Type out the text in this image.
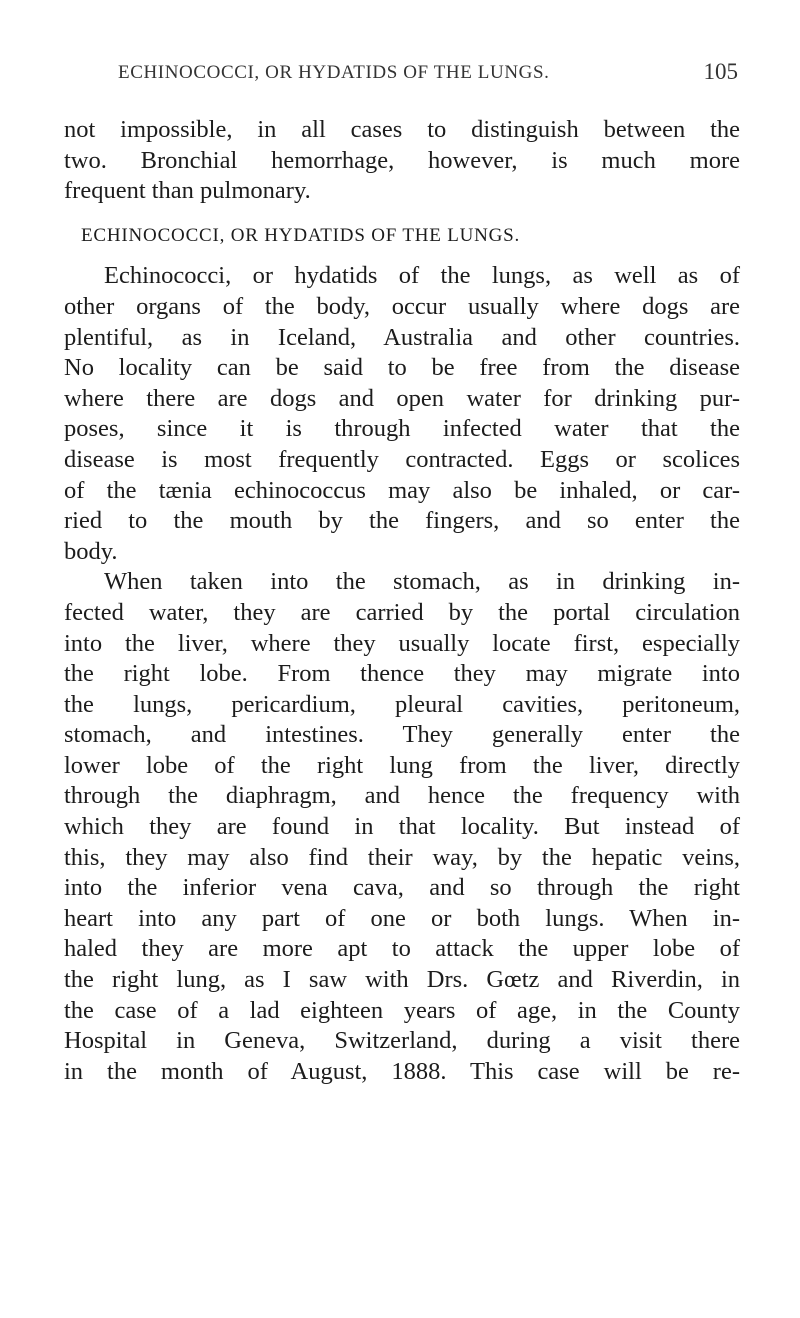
ECHINOCOCCI, OR HYDATIDS OF THE LUNGS.	105
not impossible, in all cases to distinguish between the
two. Bronchial hemorrhage, however, is much more
frequent than pulmonary.
ECHINOCOCCI, OR HYDATIDS OF THE LUNGS.
Echinococci, or hydatids of the lungs, as well as of
other organs of the body, occur usually where dogs are
plentiful, as in Iceland, Australia and other countries.
No locality can be said to be free from the disease
where there are dogs and open water for drinking pur-
poses, since it is through infected water that the
disease is most frequently contracted. Eggs or scolices
of the tænia echinococcus may also be inhaled, or car-
ried to the mouth by the fingers, and so enter the
body.
When taken into the stomach, as in drinking in-
fected water, they are carried by the portal circulation
into the liver, where they usually locate first, especially
the right lobe. From thence they may migrate into
the lungs, pericardium, pleural cavities, peritoneum,
stomach, and intestines. They generally enter the
lower lobe of the right lung from the liver, directly
through the diaphragm, and hence the frequency with
which they are found in that locality. But instead of
this, they may also find their way, by the hepatic veins,
into the inferior vena cava, and so through the right
heart into any part of one or both lungs. When in-
haled they are more apt to attack the upper lobe of
the right lung, as I saw with Drs. Gœtz and Riverdin, in
the case of a lad eighteen years of age, in the County
Hospital in Geneva, Switzerland, during a visit there
in the month of August, 1888. This case will be re-
